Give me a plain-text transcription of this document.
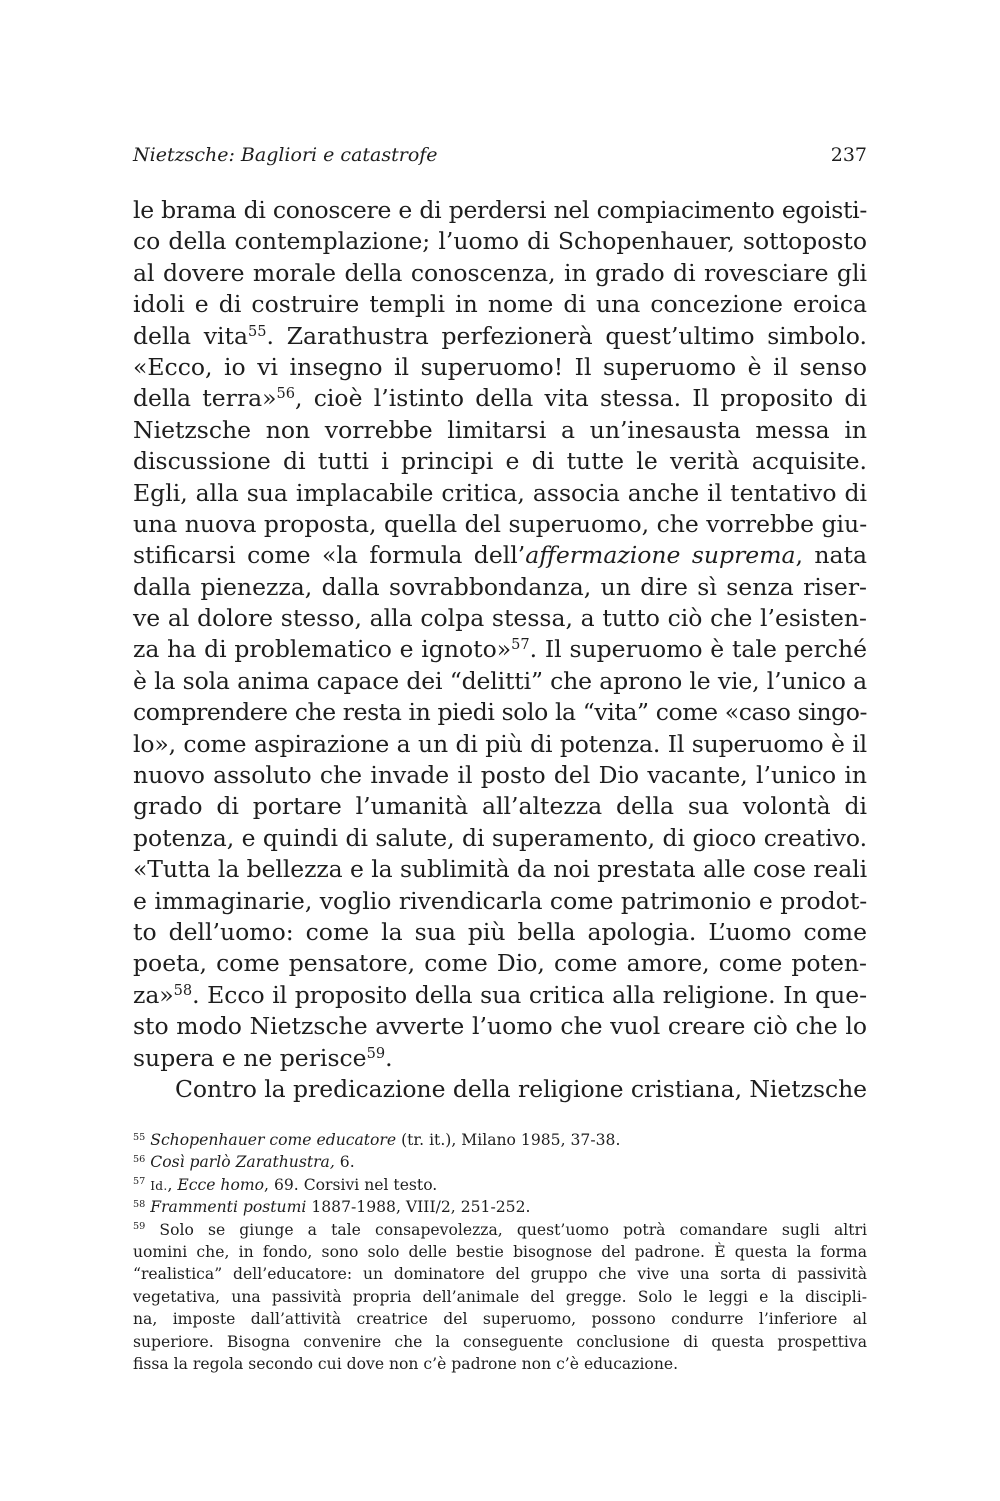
Nietzsche: Bagliori e catastrofe	237
le brama di conoscere e di perdersi nel compiacimento egoisti-
co della contemplazione; l’uomo di Schopenhauer, sottoposto
al dovere morale della conoscenza, in grado di rovesciare gli
idoli e di costruire templi in nome di una concezione eroica
della vita$^{55}$. Zarathustra perfezionerà quest’ultimo simbolo.
«Ecco, io vi insegno il superuomo! Il superuomo è il senso
della terra»$^{56}$, cioè l’istinto della vita stessa. Il proposito di
Nietzsche non vorrebbe limitarsi a un’inesausta messa in
discussione di tutti i principi e di tutte le verità acquisite.
Egli, alla sua implacabile critica, associa anche il tentativo di
una nuova proposta, quella del superuomo, che vorrebbe giu-
stificarsi come «la formula dell’affermazione suprema, nata
dalla pienezza, dalla sovrabbondanza, un dire sì senza riser-
ve al dolore stesso, alla colpa stessa, a tutto ciò che l’esisten-
za ha di problematico e ignoto»$^{57}$. Il superuomo è tale perché
è la sola anima capace dei “delitti” che aprono le vie, l’unico a
comprendere che resta in piedi solo la “vita” come «caso singo-
lo», come aspirazione a un di più di potenza. Il superuomo è il
nuovo assoluto che invade il posto del Dio vacante, l’unico in
grado di portare l’umanità all’altezza della sua volontà di
potenza, e quindi di salute, di superamento, di gioco creativo.
«Tutta la bellezza e la sublimità da noi prestata alle cose reali
e immaginarie, voglio rivendicarla come patrimonio e prodot-
to dell’uomo: come la sua più bella apologia. L’uomo come
poeta, come pensatore, come Dio, come amore, come poten-
za»$^{58}$. Ecco il proposito della sua critica alla religione. In que-
sto modo Nietzsche avverte l’uomo che vuol creare ciò che lo
supera e ne perisce$^{59}$.
Contro la predicazione della religione cristiana, Nietzsche
$^{55}$ Schopenhauer come educatore (tr. it.), Milano 1985, 37-38.
$^{56}$ Così parlò Zarathustra, 6.
$^{57}$ Id., Ecce homo, 69. Corsivi nel testo.
$^{58}$ Frammenti postumi 1887-1988, VIII/2, 251-252.
$^{59}$ Solo se giunge a tale consapevolezza, quest’uomo potrà comandare sugli altri
uomini che, in fondo, sono solo delle bestie bisognose del padrone. È questa la forma
“realistica” dell’educatore: un dominatore del gruppo che vive una sorta di passività
vegetativa, una passività propria dell’animale del gregge. Solo le leggi e la discipli-
na, imposte dall’attività creatrice del superuomo, possono condurre l’inferiore al
superiore. Bisogna convenire che la conseguente conclusione di questa prospettiva
fissa la regola secondo cui dove non c’è padrone non c’è educazione.
